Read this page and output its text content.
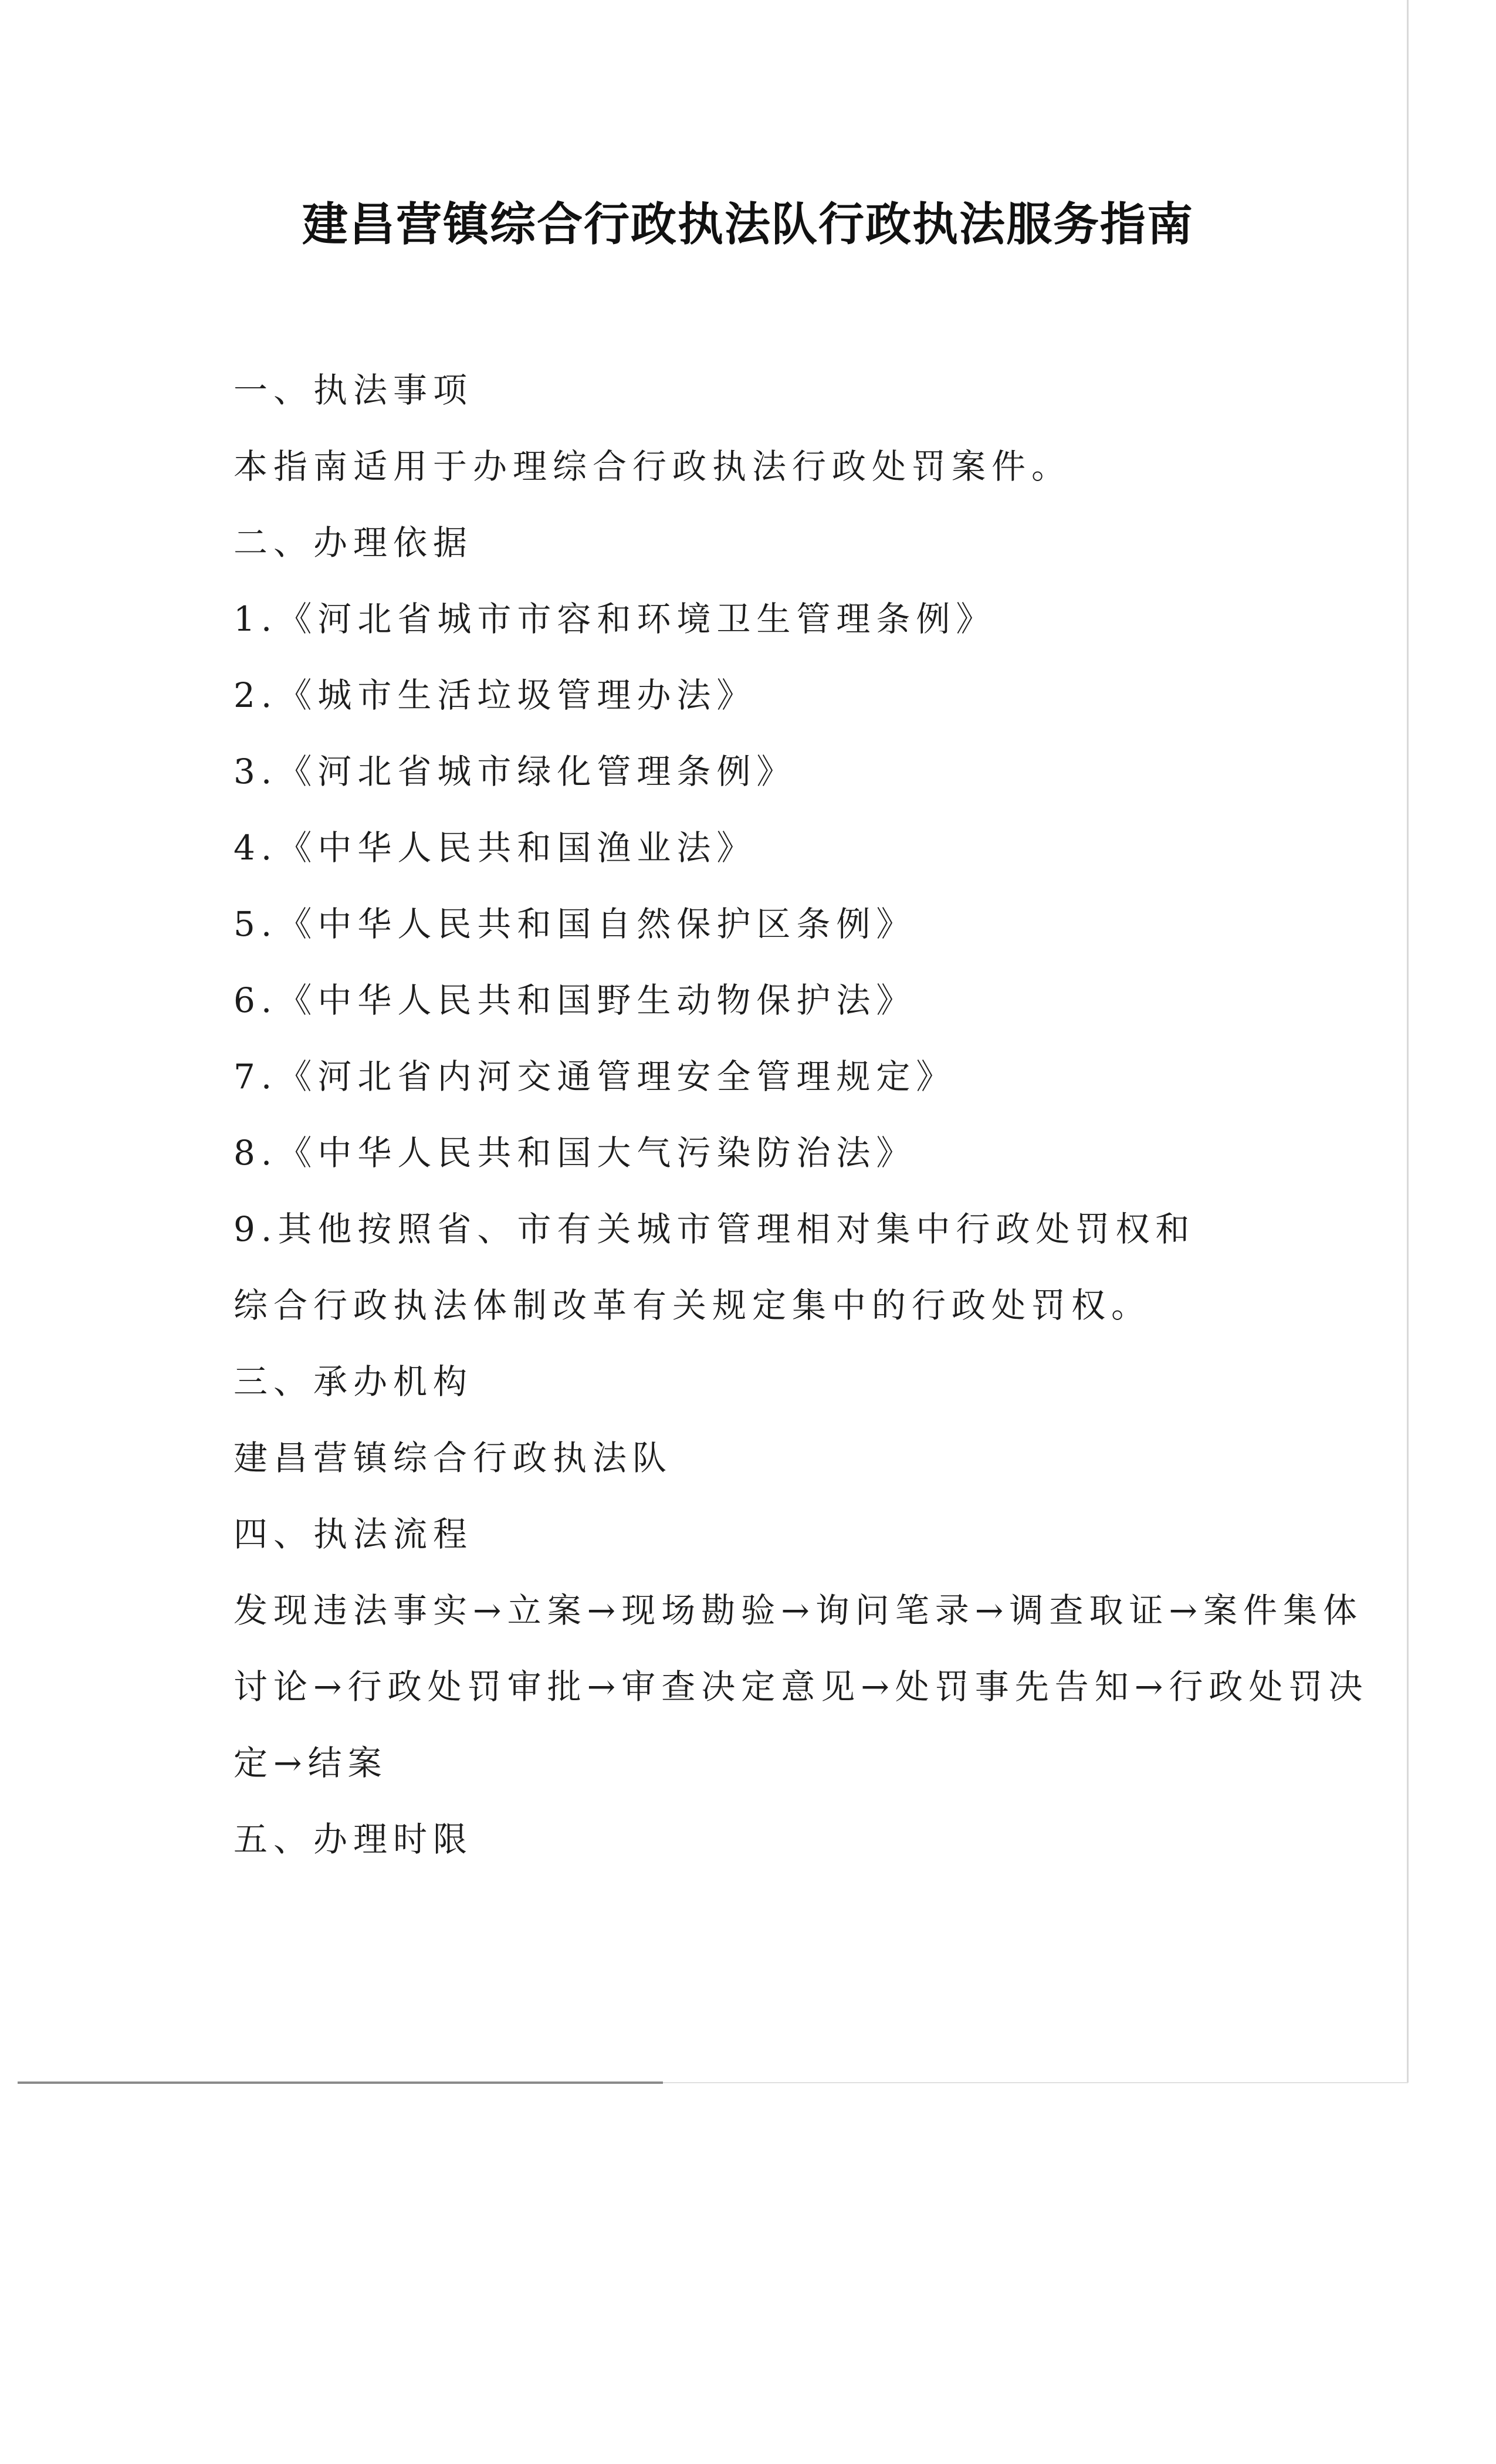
建昌营镇综合行政执法队行政执法服务指南
一、执法事项
本指南适用于办理综合行政执法行政处罚案件。
二、办理依据
1.《河北省城市市容和环境卫生管理条例》
2.《城市生活垃圾管理办法》
3.《河北省城市绿化管理条例》
4.《中华人民共和国渔业法》
5.《中华人民共和国自然保护区条例》
6.《中华人民共和国野生动物保护法》
7.《河北省内河交通管理安全管理规定》
8.《中华人民共和国大气污染防治法》
9.其他按照省、市有关城市管理相对集中行政处罚权和
综合行政执法体制改革有关规定集中的行政处罚权。
三、承办机构
建昌营镇综合行政执法队
四、执法流程
发现违法事实→立案→现场勘验→询问笔录→调查取证→案件集体
讨论→行政处罚审批→审查决定意见→处罚事先告知→行政处罚决
定→结案
五、办理时限
